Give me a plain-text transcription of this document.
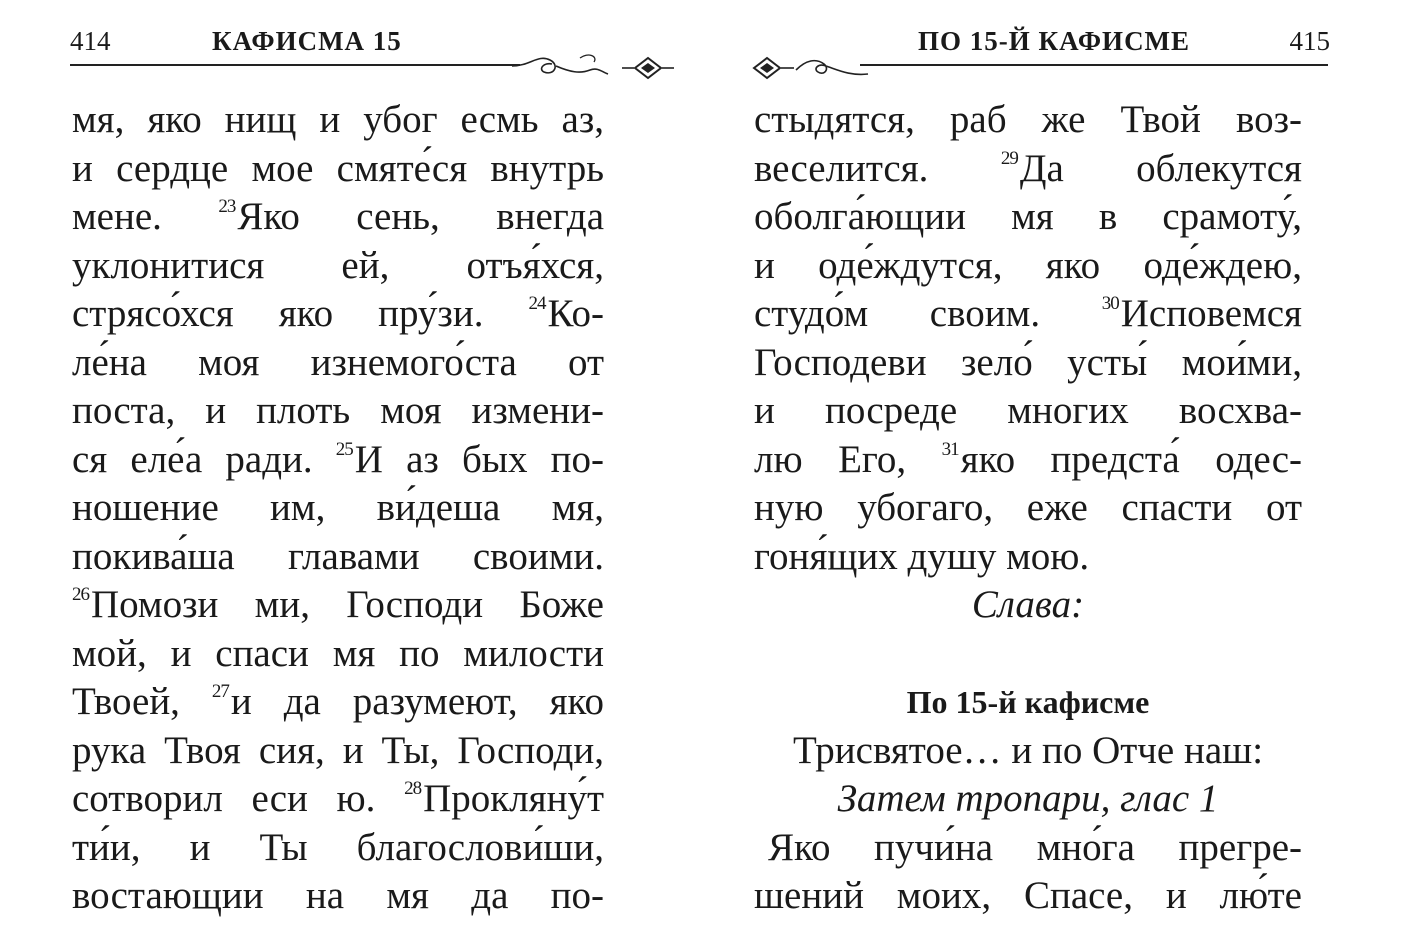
414	КАФИСМА 15
мя, яко нищ и убог есмь аз,
и сердце мое смяте́ся внутрь
мене. $^{23}$Яко сень, внегда
уклонитися ей, отъя́хся,
стрясо́хся яко пру́зи. $^{24}$Ко-
ле́на моя изнемого́ста от
поста, и плоть моя измени-
ся еле́а ради. $^{25}$И аз бых по-
ношение им, ви́деша мя,
покива́ша главами своими.
$^{26}$Помози ми, Господи Боже
мой, и спаси мя по милости
Твоей, $^{27}$и да разумеют, яко
рука Твоя сия, и Ты, Господи,
сотворил еси ю. $^{28}$Прокляну́т
ти́и, и Ты благослови́ши,
востающии на мя да по-
ПО 15-Й КАФИСМЕ	415
стыдятся, раб же Твой воз-
веселится. $^{29}$Да облекутся
оболга́ющии мя в срамоту́,
и оде́ждутся, яко оде́ждею,
студо́м своим. $^{30}$Исповемся
Господеви зело́ усты́ мои́ми,
и посреде многих восхва-
лю Его, $^{31}$яко предста́ одес-
ную убогаго, еже спасти от
гоня́щих душу мою.
Слава:
По 15-й кафисме
Трисвятое… и по Отче наш:
Затем тропари, глас 1
Яко пучи́на мно́га прегре-
шений моих, Спасе, и лю́те
